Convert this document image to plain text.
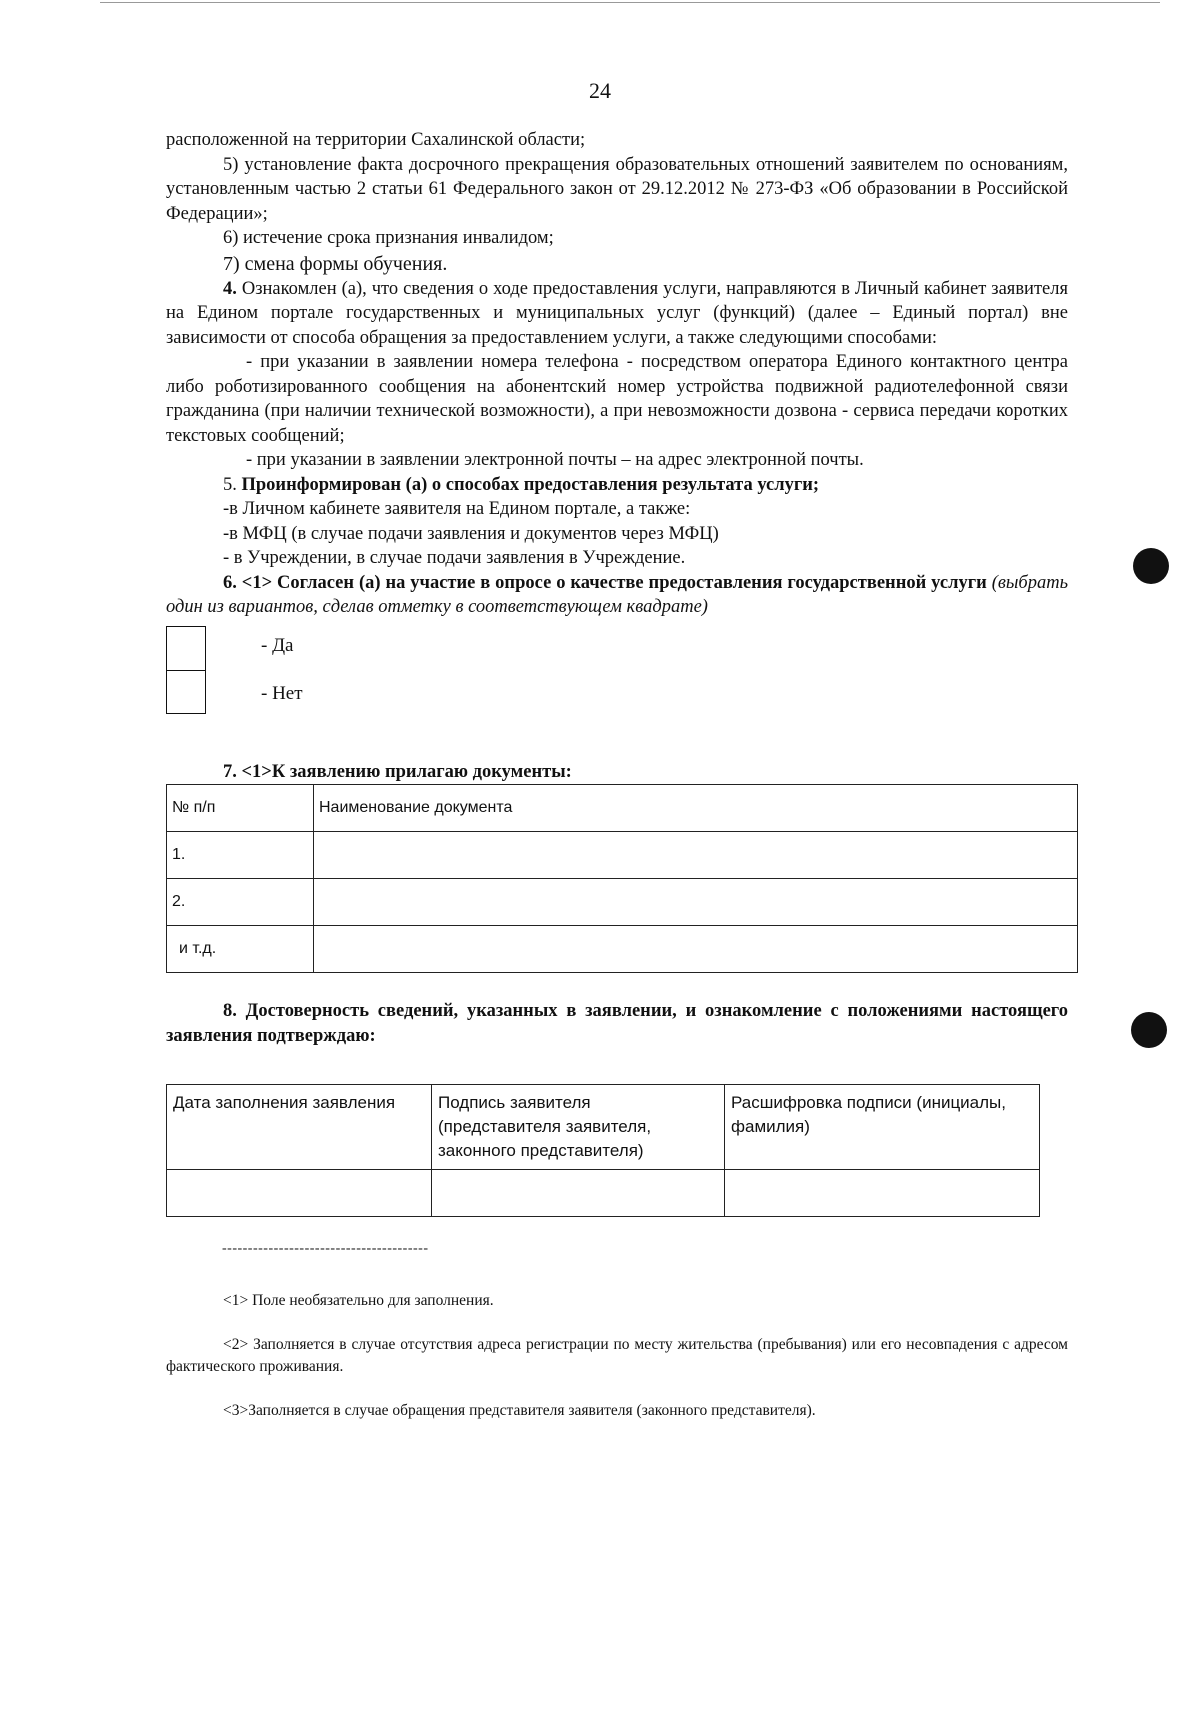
24

расположенной на территории Сахалинской области;

5) установление факта досрочного прекращения образовательных отношений заявителем по основаниям, установленным частью 2 статьи 61 Федерального закон от 29.12.2012 № 273-ФЗ «Об образовании в Российской Федерации»;

6) истечение срока признания инвалидом;

7) смена формы обучения.

4. Ознакомлен (а), что сведения о ходе предоставления услуги, направляются в Личный кабинет заявителя на Едином портале государственных и муниципальных услуг (функций) (далее – Единый портал) вне зависимости от способа обращения за предоставлением услуги, а также следующими способами:

- при указании в заявлении номера телефона - посредством оператора Единого контактного центра либо роботизированного сообщения на абонентский номер устройства подвижной радиотелефонной связи гражданина (при наличии технической возможности), а при невозможности дозвона - сервиса передачи коротких текстовых сообщений;

- при указании в заявлении электронной почты – на адрес электронной почты.

5. Проинформирован (а) о способах предоставления результата услуги;

-в Личном кабинете заявителя на Едином портале, а также:

-в МФЦ (в случае подачи заявления и документов через МФЦ)

- в Учреждении, в случае подачи заявления в Учреждение.

6. <1> Согласен (а) на участие в опросе о качестве предоставления государственной услуги (выбрать один из вариантов, сделав отметку в соответствующем квадрате)

- Да
- Нет

7. <1>К заявлению прилагаю документы:

№ п/п	Наименование документа
1.	
2.	
и т.д.	

8. Достоверность сведений, указанных в заявлении, и ознакомление с положениями настоящего заявления подтверждаю:

Дата заполнения заявления	Подпись заявителя (представителя заявителя, законного представителя)	Расшифровка подписи (инициалы, фамилия)

----------------------------------------

<1> Поле необязательно для заполнения.

<2> Заполняется в случае отсутствия адреса регистрации по месту жительства (пребывания) или его несовпадения с адресом фактического проживания.

<3>Заполняется в случае обращения представителя заявителя (законного представителя).
